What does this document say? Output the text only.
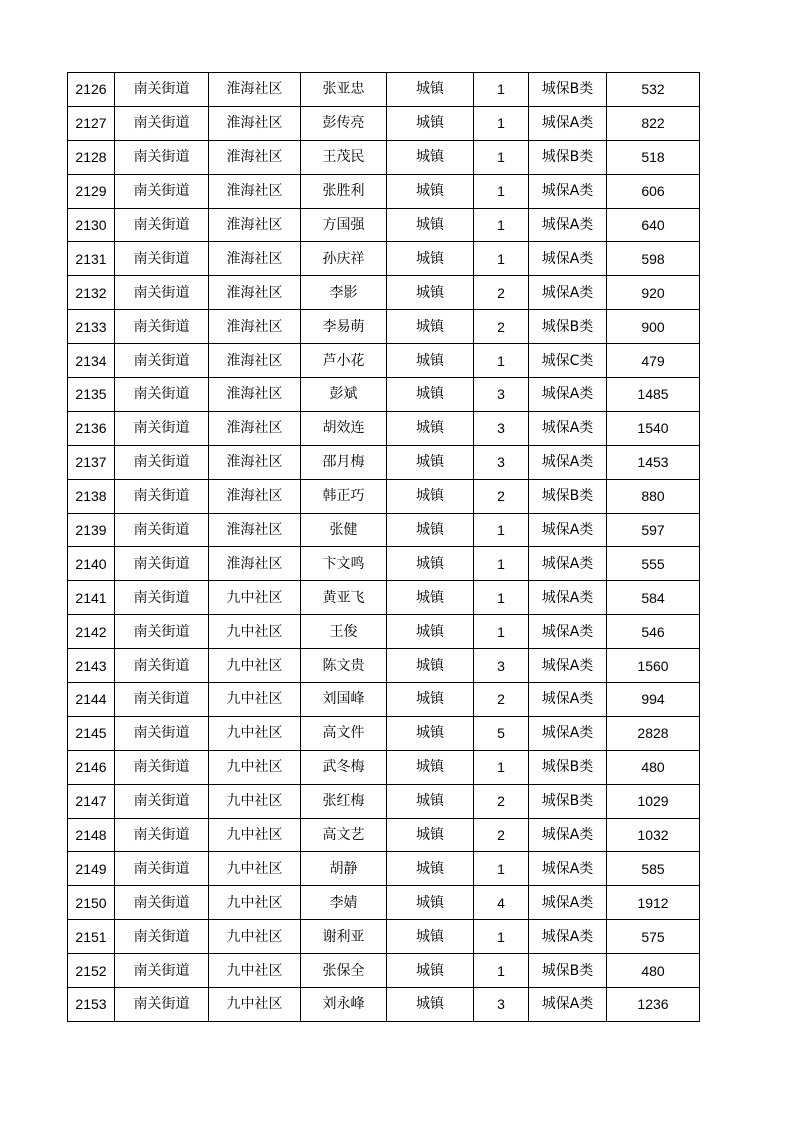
2126	南关街道	淮海社区	张亚忠	城镇	1	城保B类	532
2127	南关街道	淮海社区	彭传亮	城镇	1	城保A类	822
2128	南关街道	淮海社区	王茂民	城镇	1	城保B类	518
2129	南关街道	淮海社区	张胜利	城镇	1	城保A类	606
2130	南关街道	淮海社区	方国强	城镇	1	城保A类	640
2131	南关街道	淮海社区	孙庆祥	城镇	1	城保A类	598
2132	南关街道	淮海社区	李影	城镇	2	城保A类	920
2133	南关街道	淮海社区	李易萌	城镇	2	城保B类	900
2134	南关街道	淮海社区	芦小花	城镇	1	城保C类	479
2135	南关街道	淮海社区	彭斌	城镇	3	城保A类	1485
2136	南关街道	淮海社区	胡效连	城镇	3	城保A类	1540
2137	南关街道	淮海社区	邵月梅	城镇	3	城保A类	1453
2138	南关街道	淮海社区	韩正巧	城镇	2	城保B类	880
2139	南关街道	淮海社区	张健	城镇	1	城保A类	597
2140	南关街道	淮海社区	卞文鸣	城镇	1	城保A类	555
2141	南关街道	九中社区	黄亚飞	城镇	1	城保A类	584
2142	南关街道	九中社区	王俊	城镇	1	城保A类	546
2143	南关街道	九中社区	陈文贵	城镇	3	城保A类	1560
2144	南关街道	九中社区	刘国峰	城镇	2	城保A类	994
2145	南关街道	九中社区	高文件	城镇	5	城保A类	2828
2146	南关街道	九中社区	武冬梅	城镇	1	城保B类	480
2147	南关街道	九中社区	张红梅	城镇	2	城保B类	1029
2148	南关街道	九中社区	高文艺	城镇	2	城保A类	1032
2149	南关街道	九中社区	胡静	城镇	1	城保A类	585
2150	南关街道	九中社区	李婧	城镇	4	城保A类	1912
2151	南关街道	九中社区	谢利亚	城镇	1	城保A类	575
2152	南关街道	九中社区	张保全	城镇	1	城保B类	480
2153	南关街道	九中社区	刘永峰	城镇	3	城保A类	1236
